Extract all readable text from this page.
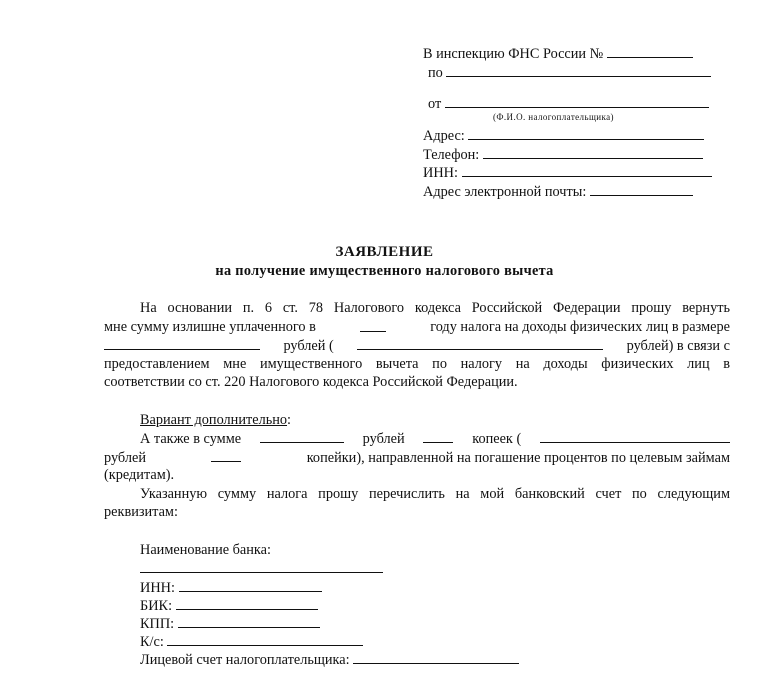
В инспекцию ФНС России №
по
от
(Ф.И.О. налогоплательщика)
Адрес:
Телефон:
ИНН:
Адрес электронной почты:
ЗАЯВЛЕНИЕ
на получение имущественного налогового вычета
На основании п. 6 ст. 78 Налогового кодекса Российской Федерации прошу вернуть
мне сумму излишне уплаченного в	году налога на доходы физических лиц в размере
рублей (	рублей) в связи с
предоставлением мне имущественного вычета по налогу на доходы физических лиц в
соответствии со ст. 220 Налогового кодекса Российской Федерации.
Вариант дополнительно:
А также в сумме	рублей	копеек (
рублей	копейки), направленной на погашение процентов по целевым займам
(кредитам).
Указанную сумму налога прошу перечислить на мой банковский счет по следующим
реквизитам:
Наименование банка:
ИНН:
БИК:
КПП:
К/с:
Лицевой счет налогоплательщика:
